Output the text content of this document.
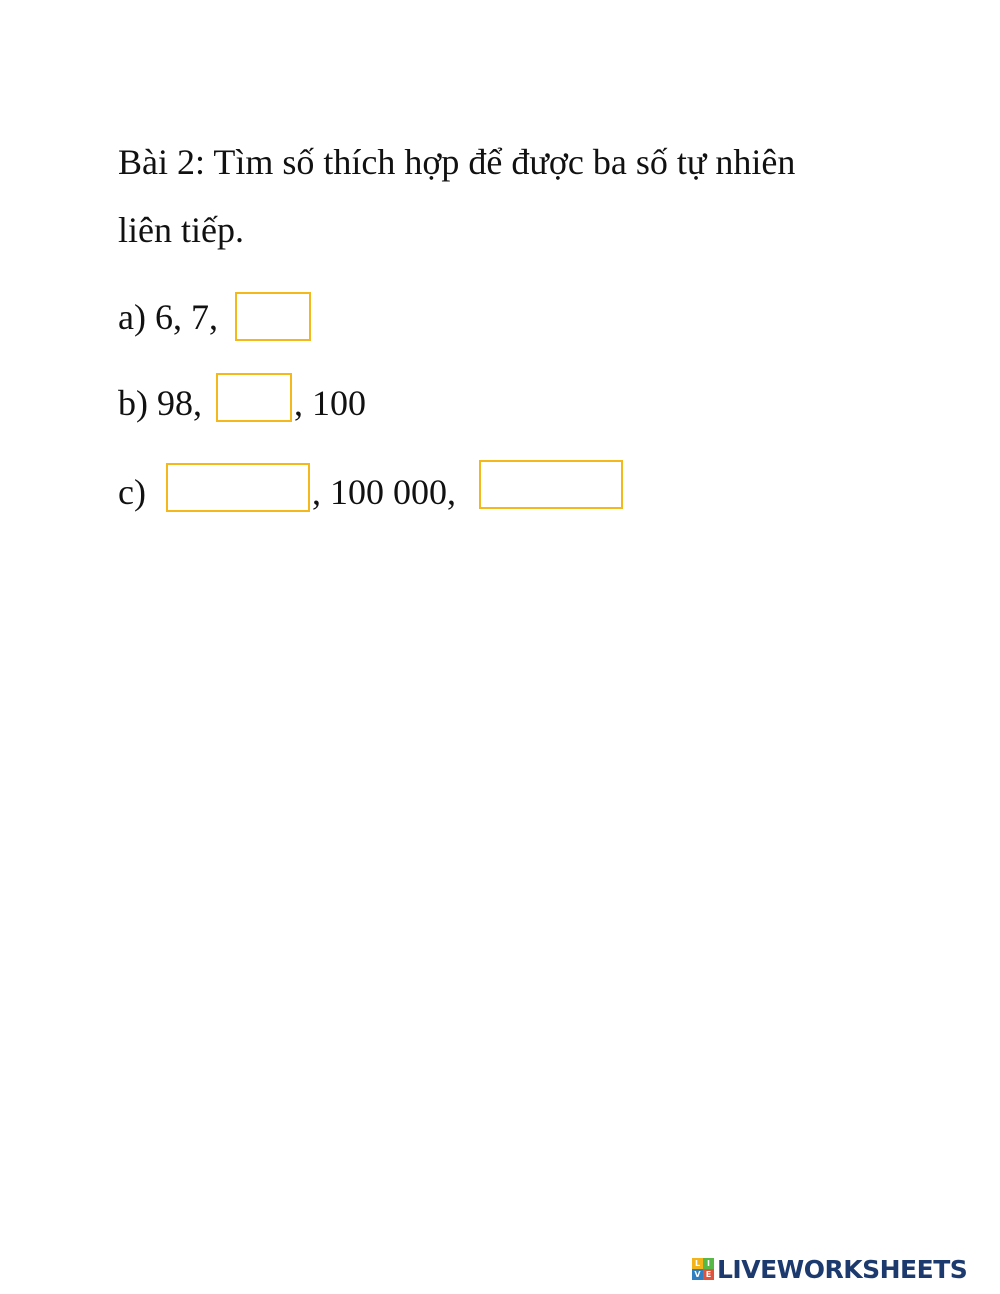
Bài 2: Tìm số thích hợp để được ba số tự nhiên
liên tiếp.
a) 6, 7,
b) 98,	, 100
c)	, 100 000,
L I
V E LIVEWORKSHEETS
